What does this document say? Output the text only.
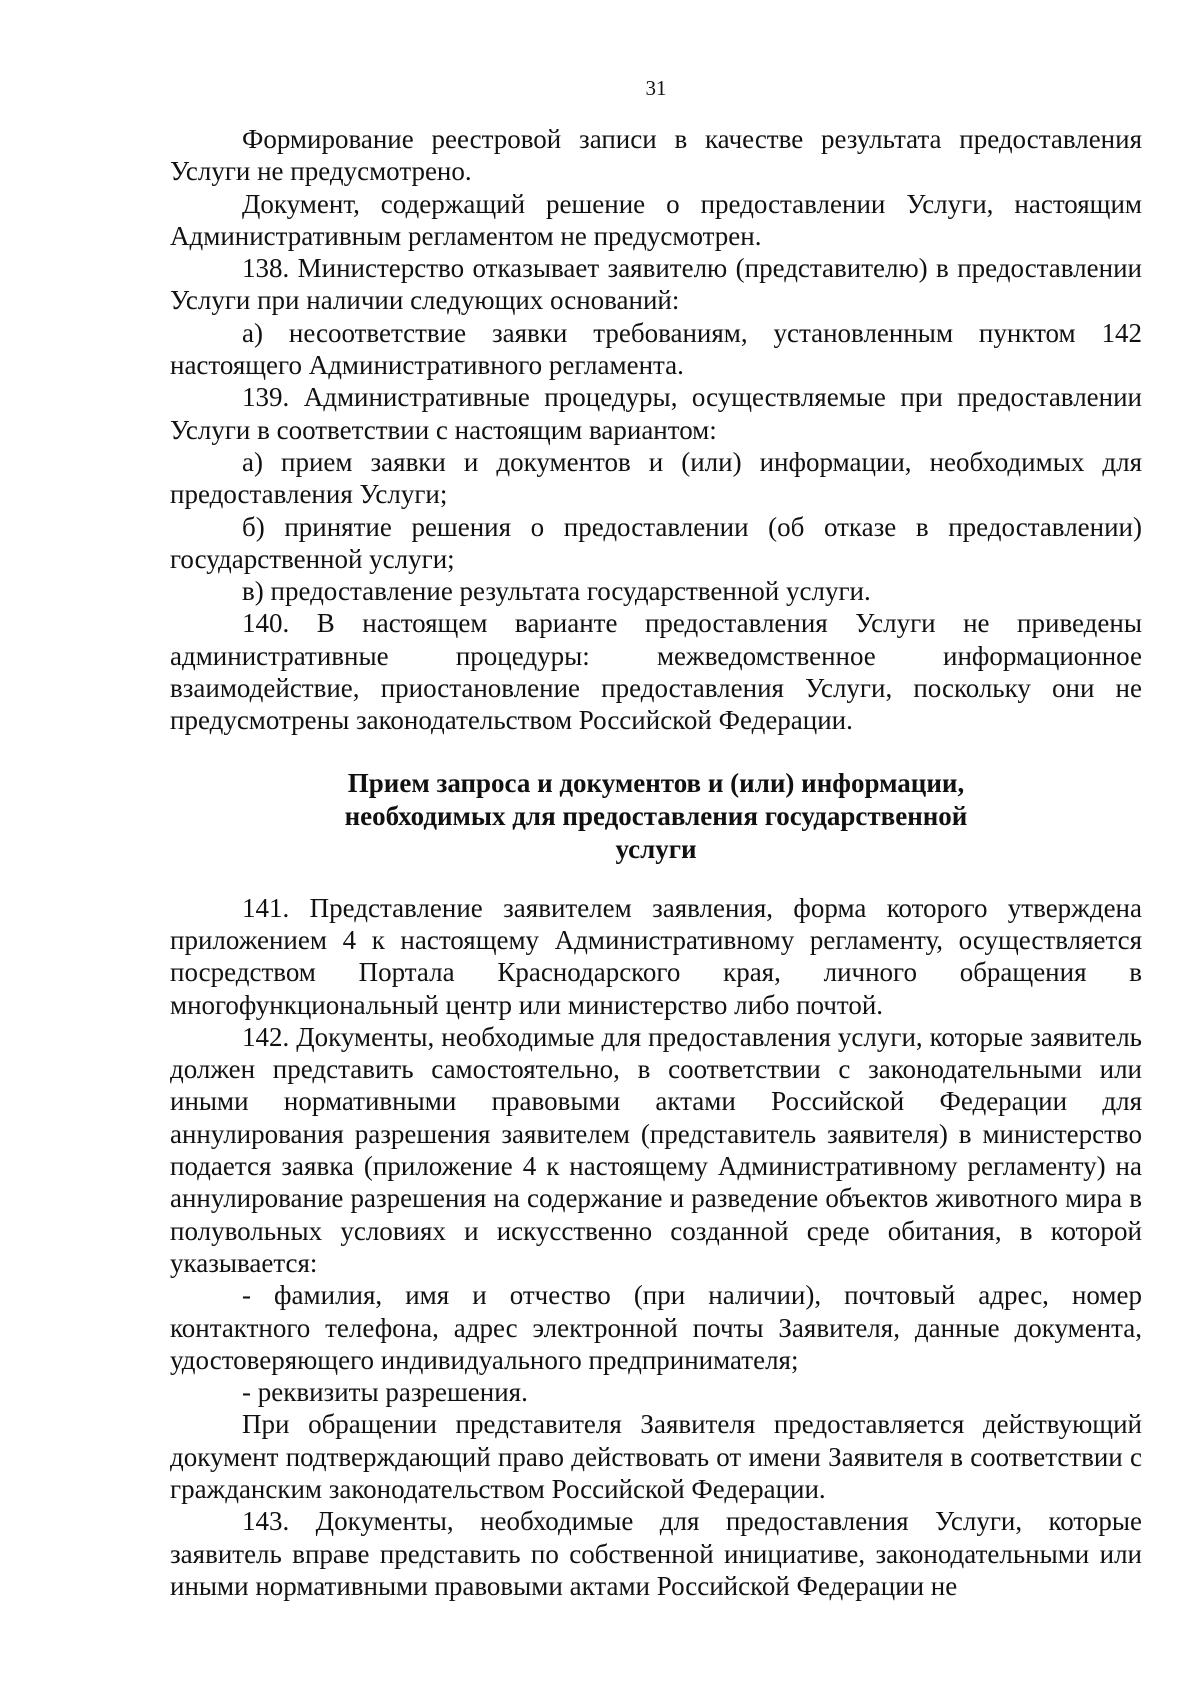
31

Формирование реестровой записи в качестве результата предоставления Услуги не предусмотрено.

Документ, содержащий решение о предоставлении Услуги, настоящим Административным регламентом не предусмотрен.

138. Министерство отказывает заявителю (представителю) в предоставлении Услуги при наличии следующих оснований:

а) несоответствие заявки требованиям, установленным пунктом 142 настоящего Административного регламента.

139. Административные процедуры, осуществляемые при предоставлении Услуги в соответствии с настоящим вариантом:

а) прием заявки и документов и (или) информации, необходимых для предоставления Услуги;

б) принятие решения о предоставлении (об отказе в предоставлении) государственной услуги;

в) предоставление результата государственной услуги.

140. В настоящем варианте предоставления Услуги не приведены административные процедуры: межведомственное информационное взаимодействие, приостановление предоставления Услуги, поскольку они не предусмотрены законодательством Российской Федерации.

Прием запроса и документов и (или) информации,
необходимых для предоставления государственной
услуги

141. Представление заявителем заявления, форма которого утверждена приложением 4 к настоящему Административному регламенту, осуществляется посредством Портала Краснодарского края, личного обращения в многофункциональный центр или министерство либо почтой.

142. Документы, необходимые для предоставления услуги, которые заявитель должен представить самостоятельно, в соответствии с законодательными или иными нормативными правовыми актами Российской Федерации для аннулирования разрешения заявителем (представитель заявителя) в министерство подается заявка (приложение 4 к настоящему Административному регламенту) на аннулирование разрешения на содержание и разведение объектов животного мира в полувольных условиях и искусственно созданной среде обитания, в которой указывается:

- фамилия, имя и отчество (при наличии), почтовый адрес, номер контактного телефона, адрес электронной почты Заявителя, данные документа, удостоверяющего индивидуального предпринимателя;

- реквизиты разрешения.

При обращении представителя Заявителя предоставляется действующий документ подтверждающий право действовать от имени Заявителя в соответствии с гражданским законодательством Российской Федерации.

143. Документы, необходимые для предоставления Услуги, которые заявитель вправе представить по собственной инициативе, законодательными или иными нормативными правовыми актами Российской Федерации не
